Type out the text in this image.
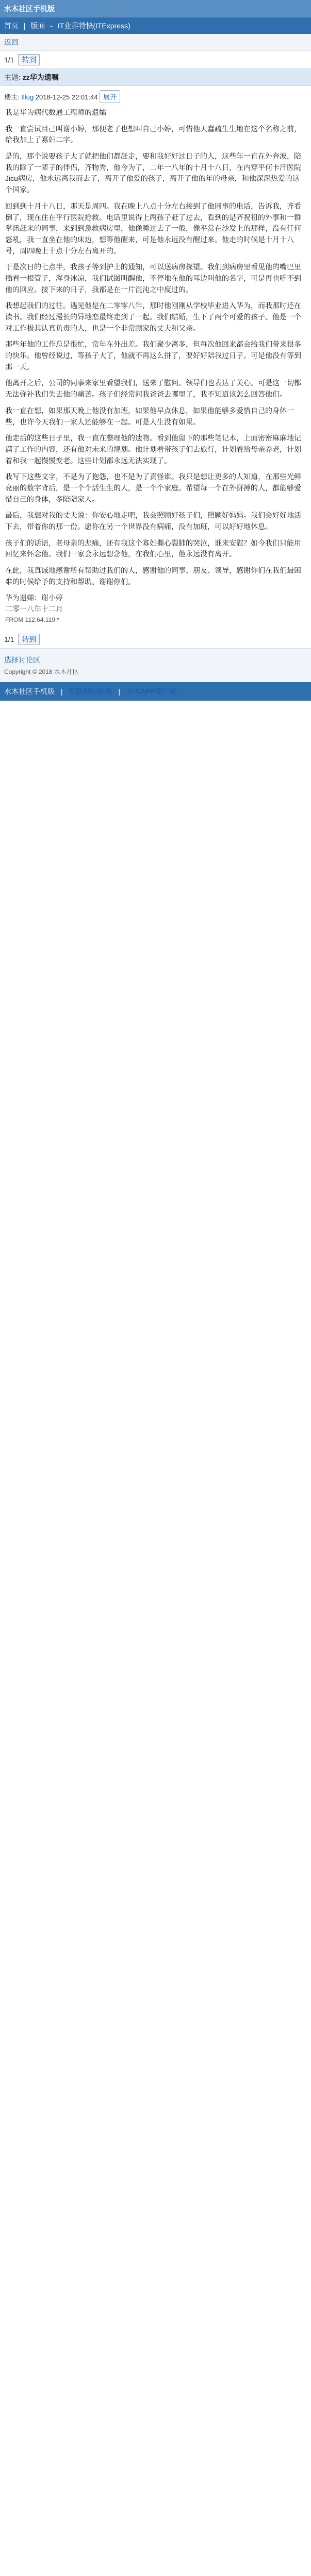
水木社区手机版
首页 | 版面 - IT业界特快(ITExpress)
返回
1/1 转到
主题: zz华为遗嘱
楼主: Illug 2018-12-25 22:01:44 展开

我是华为病代数通工程师的遗孀

我一直尝试目己叫谢小婷，那便老了也想叫自己小婷，可惜他天蠢疏生生地在这个名称之前，给我加上了寡妇二字。

是的，那个说要孩子大了就把他们都赶走，要和我好好过日子的人，这些年一直在外奔波，陪我的除了一辈子的伴侣，齐物秀，他今为了，二年一八年的十月十八日，在内穿平何卡汗医院Jicu病房，他永远离我而去了，离开了他爱的孩子，离开了他的年的母亲，和他深深热爱的这个国家。

回到到十月十八日，那天是周四。我在晚上八点十分左右接到了他同事的电话，告诉我，齐看倒了，现在住在平行医院抢救。电话里说得上两孩子赶了过去，看到的是齐祝祖的外事和一群掌讯赶来的同事，来到到急救病房里，他像睡过去了一般，像平常在沙发上的那样，没有任何怒吼，我一直坐在他的床边，想等他醒来，可是他永远没有醒过来。他走的时候是十月十八号，周四晚上十点十分左右离开的。

于是次日的七点半，我孩子等到护士的通知，可以送病房探望。我们到病房里看见他的嘴巴里插着一根管子，浑身冰凉，我们试图叫醒他，不停地在他的耳边叫他的名字，可是再也听不到他的回应。接下来的日子，我都是在一片混沌之中度过的。

我想起我们的过往。遇见他是在二零零八年，那时他刚刚从学校毕业进入华为，而我那时还在读书。我们经过漫长的异地恋最终走到了一起。我们结婚，生下了两个可爱的孩子。他是一个对工作极其认真负责的人，也是一个非常顾家的丈夫和父亲。

那些年他的工作总是很忙，常年在外出差。我们聚少离多，但每次他回来都会给我们带来很多的快乐。他曾经说过，等孩子大了，他就不再这么拼了，要好好陪我过日子。可是他没有等到那一天。

他离开之后，公司的同事来家里看望我们，送来了慰问。领导们也表达了关心。可是这一切都无法弥补我们失去他的痛苦。孩子们经常问我爸爸去哪里了，我不知道该怎么回答他们。

我一直在想，如果那天晚上他没有加班，如果他早点休息，如果他能够多爱惜自己的身体一些，也许今天我们一家人还能够在一起。可是人生没有如果。

他走后的这些日子里，我一直在整理他的遗物。看到他留下的那些笔记本，上面密密麻麻地记满了工作的内容，还有他对未来的规划。他计划着带孩子们去旅行，计划着给母亲养老，计划着和我一起慢慢变老。这些计划都永远无法实现了。

我写下这些文字，不是为了抱怨，也不是为了责怪谁。我只是想让更多的人知道，在那些光鲜亮丽的数字背后，是一个个活生生的人，是一个个家庭。希望每一个在外拼搏的人，都能够爱惜自己的身体，多陪陪家人。

最后，我想对我的丈夫说：你安心地走吧，我会照顾好孩子们，照顾好妈妈。我们会好好地活下去，带着你的那一份。愿你在另一个世界没有病痛，没有加班，可以好好地休息。

孩子们的话语，老母亲的悲痛，还有我这个寡妇撕心裂肺的哭泣，谁来安慰？如今我们只能用回忆来怀念他。我们一家会永远想念他，在我们心里，他永远没有离开。

在此，我真诚地感谢所有帮助过我们的人，感谢他的同事、朋友、领导，感谢你们在我们最困难的时候给予的支持和帮助。谢谢你们。

华为遗孀：谢小婷
二零一八年十二月
FROM 112.64.119.*
1/1 转到
选择讨论区
Copyright © 2018 水木社区
水木社区手机版 | 切换到电脑版 | 水木APP客户端
